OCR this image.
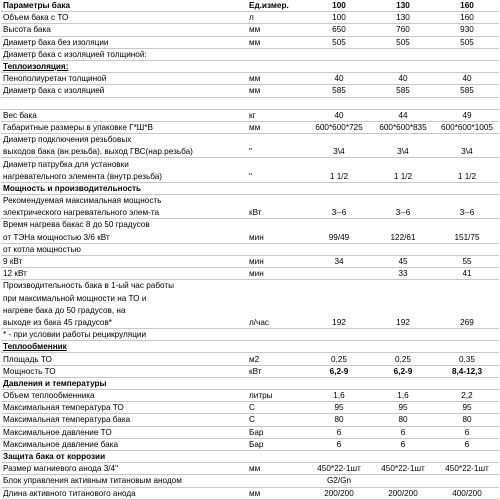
Параметры бака	Ед.измер.	100	130	160
Объем бака с ТО	л	100	130	160
Высота бака	мм	650	760	930
Диаметр бака без изоляции	мм	505	505	505
Диаметр бака с изоляцией толщиной:				
Теплоизоляция:				
Пенополиуретан толщиной	мм	40	40	40
Диаметр бака с изоляцией	мм	585	585	585

Вес бака	кг	40	44	49
Габаритные размеры в упаковке Г*Ш*В	мм	600*600*725	600*600*835	600*600*1005
Диаметр подключения резьбовых				
выходов бака (вн.резьба), выход ГВС(нар.резьба)	"	3\4	3\4	3\4
Диаметр патрубка для установки				
нагревательного элемента (внутр.резьба)	"	1 1/2	1 1/2	1 1/2
Мощность и производительность				
Рекомендуемая максимальная мощность				
электрического нагревательного элем-та	кВт	3--6	3--6	3--6
Время нагрева бакас 8 до 50 градусов				
от ТЭНа мощностью 3/6 кВт	мин	99/49	122/61	151/75
от котла мощностью				
9 кВт	мин	34	45	55
12 кВт	мин		33	41
Производительность бака в 1-ый час работы				
при максимальной мощности на ТО и				
нагреве бака до 50 градусов, на				
выходе из бака 45 градусов*	л/час	192	192	269
* - при условии работы рецикруляции				
Теплообменник				
Площадь ТО	м2	0,25	0,25	0,35
Мощность ТО	кВт	6,2-9	6,2-9	8,4-12,3
Давления и температуры				
Объем теплообменника	литры	1,6	1,6	2,2
Максимальная температура ТО	С	95	95	95
Максимальная температура бака	С	80	80	80
Максимальное давление ТО	Бар	6	6	6
Максимальное давление бака	Бар	6	6	6
Защита бака от коррозии				
Размер магниевого анода 3/4"	мм	450*22-1шт	450*22-1шт	450*22-1шт
Блок управления активным титановым анодом		G2/Gn		
Длина активного титанового анода	мм	200/200	200/200	400/200
